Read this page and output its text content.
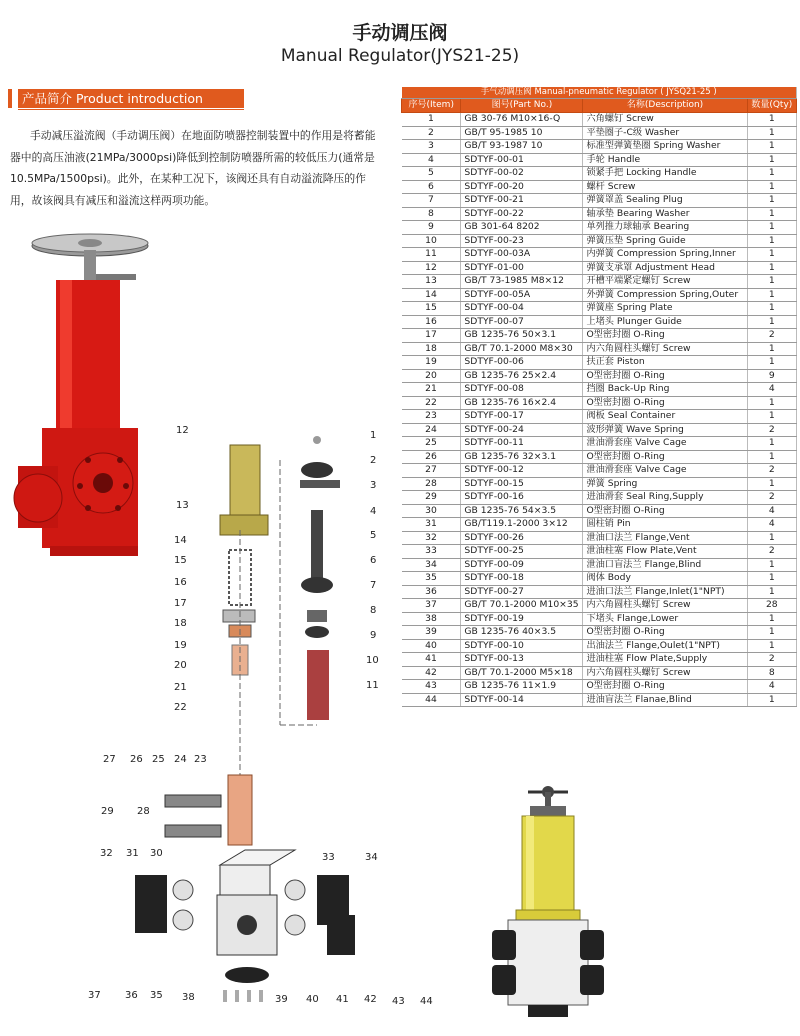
手动调压阀
Manual Regulator(JYS21-25)
产品简介 Product introduction
手动减压溢流阀（手动调压阀）在地面防喷器控制装置中的作用是将蓄能器中的高压油液(21MPa/3000psi)降低到控制防喷器所需的较低压力(通常是10.5MPa/1500psi)。此外，在某种工况下，该阀还具有自动溢流降压的作用，故该阀具有减压和溢流这样两项功能。
1
2
3
4
5
6
7
8
9
10
11
12
13
14
15
16
17
18
19
20
21
22
23
24
25
26
27
28
29
30
31
32	33	34
35
36
37	38	39 40 41 42 43 44
手气动调压阀 Manual-pneumatic Regulator ( JYSQ21-25 )			
序号(Item)	图号(Part No.)	名称(Description)	数量(Qty)
1	GB 30-76 M10×16-Q	六角螺钉 Screw	1
2	GB/T 95-1985 10	平垫圈子-C级 Washer	1
3	GB/T 93-1987 10	标准型弹簧垫圈 Spring Washer	1
4	SDTYF-00-01	手轮 Handle	1
5	SDTYF-00-02	锁紧手把 Locking Handle	1
6	SDTYF-00-20	螺杆 Screw	1
7	SDTYF-00-21	弹簧罩盖 Sealing Plug	1
8	SDTYF-00-22	轴承垫 Bearing Washer	1
9	GB 301-64 8202	单列推力球轴承 Bearing	1
10	SDTYF-00-23	弹簧压垫 Spring Guide	1
11	SDTYF-00-03A	内弹簧 Compression Spring,Inner	1
12	SDTYF-01-00	弹簧支承罩 Adjustment Head	1
13	GB/T 73-1985 M8×12	开槽平端紧定螺钉 Screw	1
14	SDTYF-00-05A	外弹簧 Compression Spring,Outer	1
15	SDTYF-00-04	弹簧座 Spring Plate	1
16	SDTYF-00-07	上堵头 Plunger Guide	1
17	GB 1235-76 50×3.1	O型密封圈 O-Ring	2
18	GB/T 70.1-2000 M8×30	内六角圆柱头螺钉 Screw	1
19	SDTYF-00-06	扶正套 Piston	1
20	GB 1235-76 25×2.4	O型密封圈 O-Ring	9
21	SDTYF-00-08	挡圈 Back-Up Ring	4
22	GB 1235-76 16×2.4	O型密封圈 O-Ring	1
23	SDTYF-00-17	阀板 Seal Container	1
24	SDTYF-00-24	波形弹簧 Wave Spring	2
25	SDTYF-00-11	泄油滑套座 Valve Cage	1
26	GB 1235-76 32×3.1	O型密封圈 O-Ring	1
27	SDTYF-00-12	泄油滑套座 Valve Cage	2
28	SDTYF-00-15	弹簧 Spring	1
29	SDTYF-00-16	进油滑套 Seal Ring,Supply	2
30	GB 1235-76 54×3.5	O型密封圈 O-Ring	4
31	GB/T119.1-2000 3×12	圆柱销 Pin	4
32	SDTYF-00-26	泄油口法兰 Flange,Vent	1
33	SDTYF-00-25	泄油柱塞 Flow Plate,Vent	2
34	SDTYF-00-09	泄油口盲法兰 Flange,Blind	1
35	SDTYF-00-18	阀体 Body	1
36	SDTYF-00-27	进油口法兰 Flange,Inlet(1"NPT)	1
37	GB/T 70.1-2000 M10×35	内六角圆柱头螺钉 Screw	28
38	SDTYF-00-19	下堵头 Flange,Lower	1
39	GB 1235-76 40×3.5	O型密封圈 O-Ring	1
40	SDTYF-00-10	出油法兰 Flange,Oulet(1"NPT)	1
41	SDTYF-00-13	进油柱塞 Flow Plate,Supply	2
42	GB/T 70.1-2000 M5×18	内六角圆柱头螺钉 Screw	8
43	GB 1235-76 11×1.9	O型密封圈 O-Ring	4
44	SDTYF-00-14	进油盲法兰 Flanae,Blind	1
